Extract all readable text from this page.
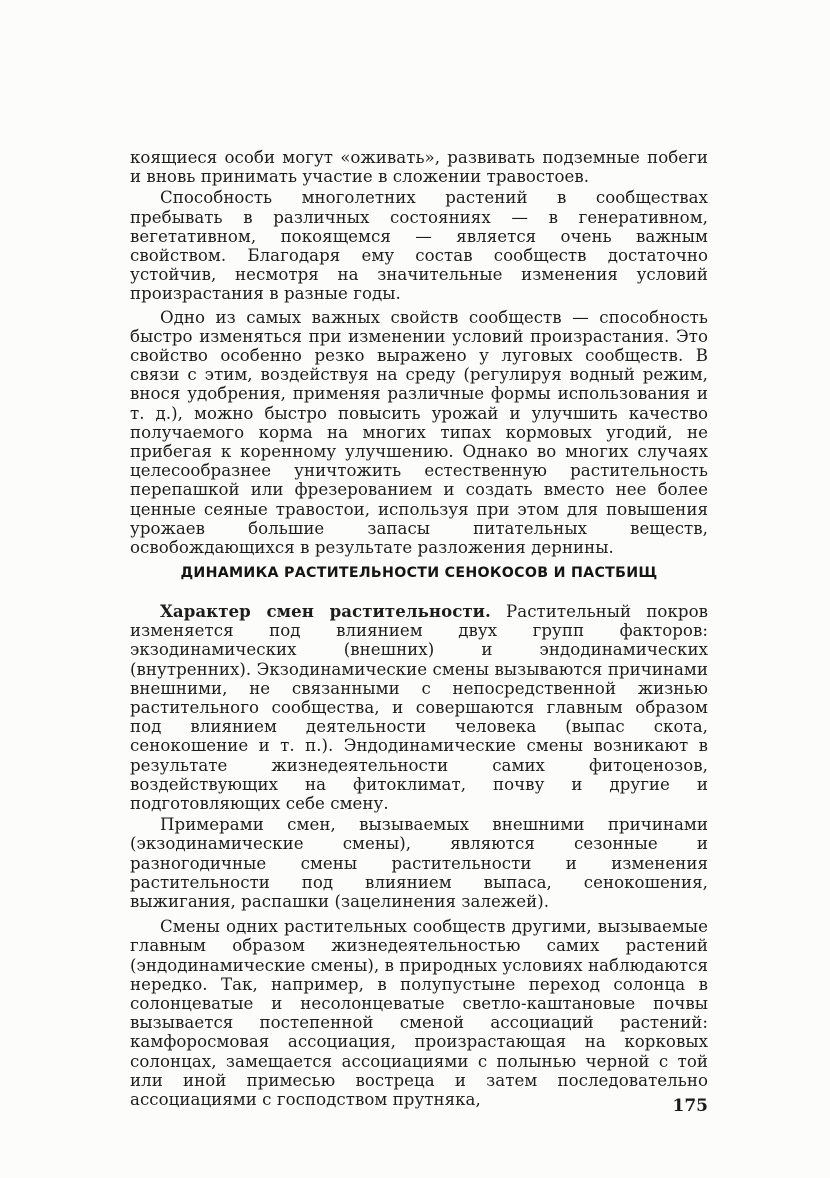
коящиеся особи могут «оживать», развивать подземные побеги и вновь принимать участие в сложении травостоев.

Способность многолетних растений в сообществах пребывать в различных состояниях — в генеративном, вегетативном, покоящемся — является очень важным свойством. Благодаря ему состав сообществ достаточно устойчив, несмотря на значительные изменения условий произрастания в разные годы.

Одно из самых важных свойств сообществ — способность быстро изменяться при изменении условий произрастания. Это свойство особенно резко выражено у луговых сообществ. В связи с этим, воздействуя на среду (регулируя водный режим, внося удобрения, применяя различные формы использования и т. д.), можно быстро повысить урожай и улучшить качество получаемого корма на многих типах кормовых угодий, не прибегая к коренному улучшению. Однако во многих случаях целесообразнее уничтожить естественную растительность перепашкой или фрезерованием и создать вместо нее более ценные сеяные травостои, используя при этом для повышения урожаев большие запасы питательных веществ, освобождающихся в результате разложения дернины.

ДИНАМИКА РАСТИТЕЛЬНОСТИ СЕНОКОСОВ И ПАСТБИЩ

Характер смен растительности. Растительный покров изменяется под влиянием двух групп факторов: экзодинамических (внешних) и эндодинамических (внутренних). Экзодинамические смены вызываются причинами внешними, не связанными с непосредственной жизнью растительного сообщества, и совершаются главным образом под влиянием деятельности человека (выпас скота, сенокошение и т. п.). Эндодинамические смены возникают в результате жизнедеятельности самих фитоценозов, воздействующих на фитоклимат, почву и другие и подготовляющих себе смену.

Примерами смен, вызываемых внешними причинами (экзодинамические смены), являются сезонные и разногодичные смены растительности и изменения растительности под влиянием выпаса, сенокошения, выжигания, распашки (зацелинения залежей).

Смены одних растительных сообществ другими, вызываемые главным образом жизнедеятельностью самих растений (эндодинамические смены), в природных условиях наблюдаются нередко. Так, например, в полупустыне переход солонца в солонцеватые и несолонцеватые светло-каштановые почвы вызывается постепенной сменой ассоциаций растений: камфоросмовая ассоциация, произрастающая на корковых солонцах, замещается ассоциациями с полынью черной с той или иной примесью востреца и затем последовательно ассоциациями с господством прутняка,	175
